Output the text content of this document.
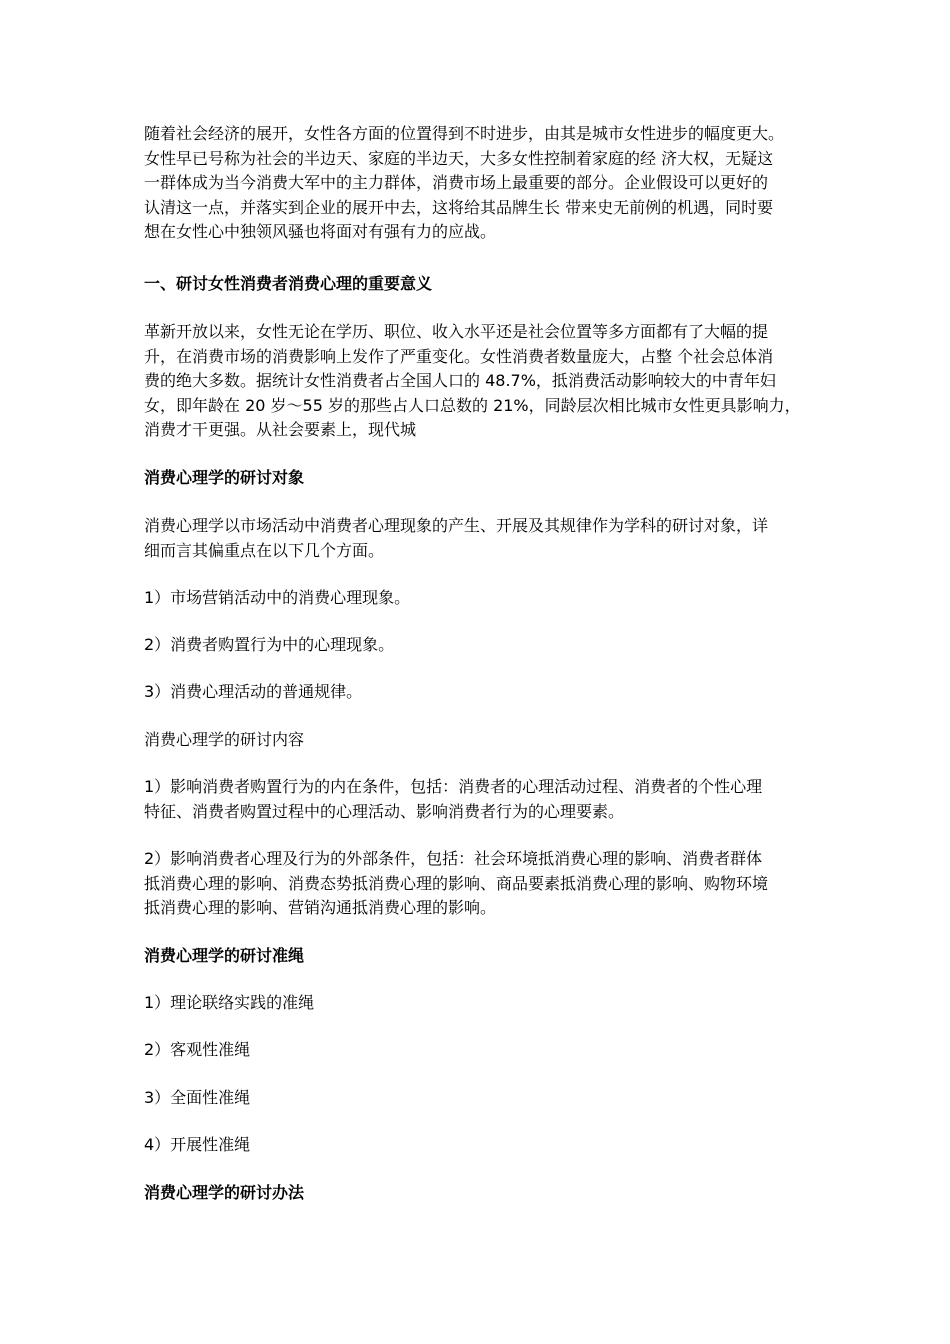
随着社会经济的展开，女性各方面的位置得到不时进步，由其是城市女性进步的幅度更大。
女性早已号称为社会的半边天、家庭的半边天，大多女性控制着家庭的经 济大权，无疑这
一群体成为当今消费大军中的主力群体，消费市场上最重要的部分。企业假设可以更好的
认清这一点，并落实到企业的展开中去，这将给其品牌生长 带来史无前例的机遇，同时要
想在女性心中独领风骚也将面对有强有力的应战。
一、研讨女性消费者消费心理的重要意义
革新开放以来，女性无论在学历、职位、收入水平还是社会位置等多方面都有了大幅的提
升，在消费市场的消费影响上发作了严重变化。女性消费者数量庞大，占整 个社会总体消
费的绝大多数。据统计女性消费者占全国人口的 48.7%，抵消费活动影响较大的中青年妇
女，即年龄在 20 岁～55 岁的那些占人口总数的 21%，同龄层次相比城市女性更具影响力，
消费才干更强。从社会要素上，现代城
消费心理学的研讨对象
消费心理学以市场活动中消费者心理现象的产生、开展及其规律作为学科的研讨对象，详
细而言其偏重点在以下几个方面。
1）市场营销活动中的消费心理现象。
2）消费者购置行为中的心理现象。
3）消费心理活动的普通规律。
消费心理学的研讨内容
1）影响消费者购置行为的内在条件，包括：消费者的心理活动过程、消费者的个性心理
特征、消费者购置过程中的心理活动、影响消费者行为的心理要素。
2）影响消费者心理及行为的外部条件，包括：社会环境抵消费心理的影响、消费者群体
抵消费心理的影响、消费态势抵消费心理的影响、商品要素抵消费心理的影响、购物环境
抵消费心理的影响、营销沟通抵消费心理的影响。
消费心理学的研讨准绳
1）理论联络实践的准绳
2）客观性准绳
3）全面性准绳
4）开展性准绳
消费心理学的研讨办法
